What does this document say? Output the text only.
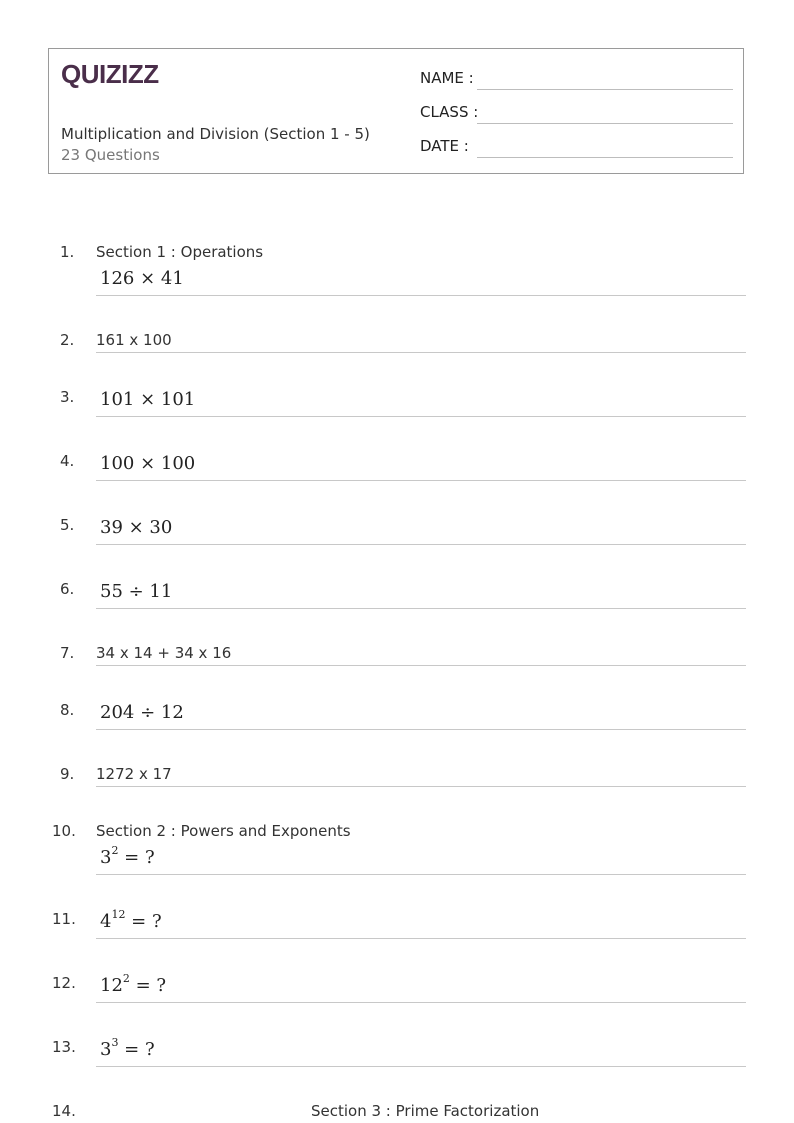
QUIZIZZ
Multiplication and Division (Section 1 - 5)
23 Questions
NAME :
CLASS :
DATE :
1. Section 1 : Operations
126 × 41
2. 161 x 100
3. 101 × 101
4. 100 × 100
5. 39 × 30
6. 55 ÷ 11
7. 34 x 14 + 34 x 16
8. 204 ÷ 12
9. 1272 x 17
10. Section 2 : Powers and Exponents
$3^2$ = ?
11. $4^{12}$ = ?
12. $12^2$ = ?
13. $3^3$ = ?
14.	Section 3 : Prime Factorization
